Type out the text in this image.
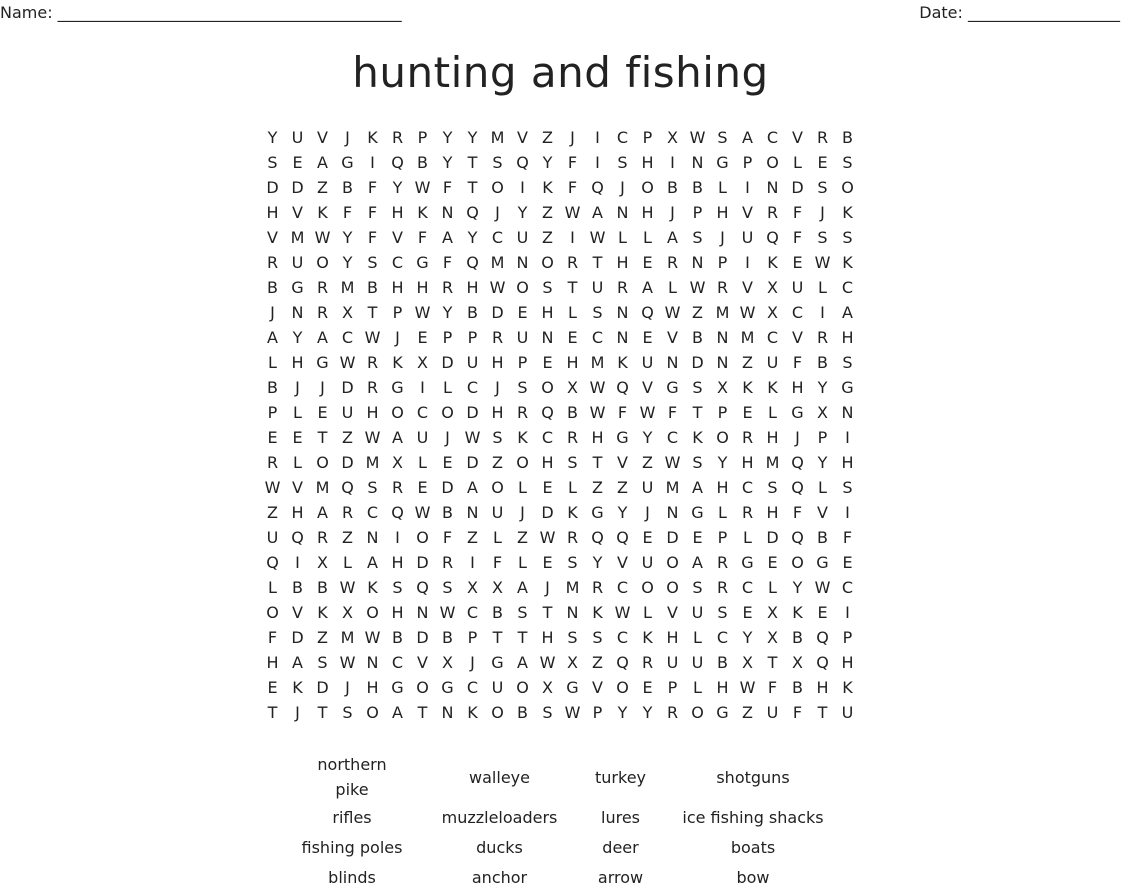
Name: ___________________________________________	Date: ___________________
hunting and fishing
Y U V	J	K R P Y Y M V Z	J	I	C P X W S A C V R B
S E A G	I	Q B Y T S Q Y F	I	S H	I	N G P O L E S
D D Z B F Y W F T O	I	K F Q	J	O B B L	I	N D S O
H V K F F H K N Q	J	Y Z W A N H	J	P H V R F	J	K
V M W Y F V F A Y C U Z	I W L	L A S	J	U Q F S S
R U O Y S C G F Q M N O R T H E R N P	I	K E W K
B G R M B H H R H W O S T U R A L W R V X U L C
J	N R X T P W Y B D E H L S N Q W Z M W X C	I	A
A Y A C W J	E P P R U N E C N E V B N M C V R H
L H G W R K X D U H P E H M K U N D N Z U F B S
B	J	J	D R G	I	L C	J	S O X W Q V G S X K K H Y G
P L E U H O C O D H R Q B W F W F T P E L G X N
E E T Z W A U	J W S K C R H G Y C K O R H	J	P	I
R L O D M X L E D Z O H S T V Z W S Y H M Q Y H
W V M Q S R E D A O L E L Z Z U M A H C S Q L S
Z H A R C Q W B N U	J	D K G Y	J	N G L R H F V	I
U Q R Z N	I	O F Z L Z W R Q Q E D E P L D Q B F
Q	I	X L A H D R	I	F L E S Y V U O A R G E O G E
L B B W K S Q S X X A	J M R C O O S R C L Y W C
O V K X O H N W C B S T N K W L V U S E X K E	I
F D Z M W B D B P T T H S S C K H L C Y X B Q P
H A S W N C V X	J	G A W X Z Q R U U B X T X Q H
E K D	J	H G O G C U O X G V O E P L H W F B H K
T	J	T S O A T N K O B S W P Y Y R O G Z U F T U
northern
pike	walleye	turkey	shotguns
rifles	muzzleloaders	lures	ice fishing shacks
fishing poles	ducks	deer	boats
blinds	anchor	arrow	bow
